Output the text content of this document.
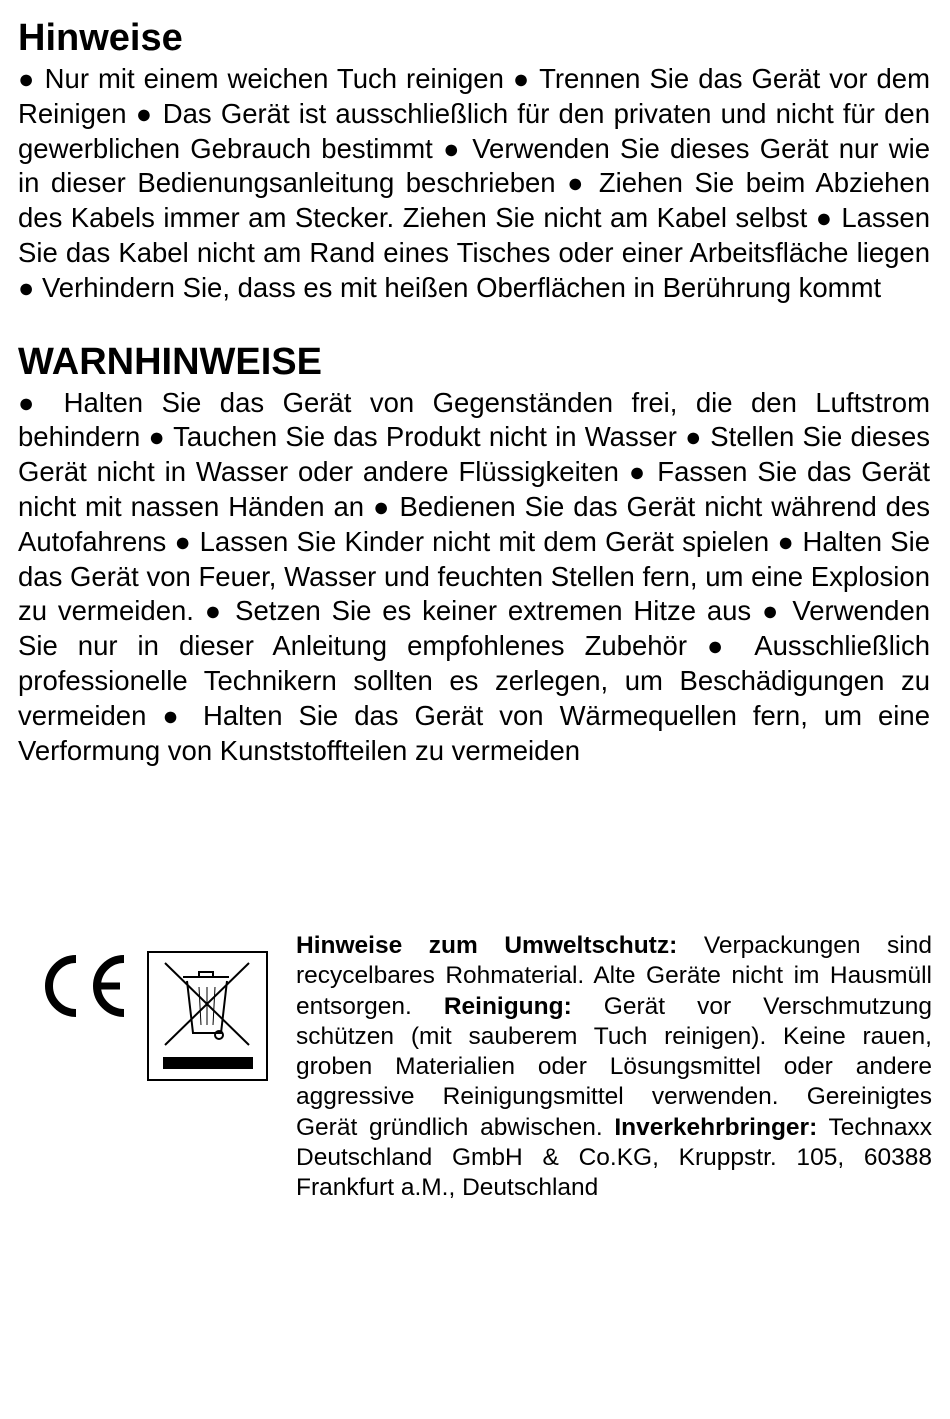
Hinweise

● Nur mit einem weichen Tuch reinigen ● Trennen Sie das Gerät vor dem Reinigen ● Das Gerät ist ausschließlich für den privaten und nicht für den gewerblichen Gebrauch bestimmt ● Verwenden Sie dieses Gerät nur wie in dieser Bedienungsanleitung beschrieben ● Ziehen Sie beim Abziehen des Kabels immer am Stecker. Ziehen Sie nicht am Kabel selbst ● Lassen Sie das Kabel nicht am Rand eines Tisches oder einer Arbeitsfläche liegen ● Verhindern Sie, dass es mit heißen Oberflächen in Berührung kommt

WARNHINWEISE

● Halten Sie das Gerät von Gegenständen frei, die den Luftstrom behindern ● Tauchen Sie das Produkt nicht in Wasser ● Stellen Sie dieses Gerät nicht in Wasser oder andere Flüssigkeiten ● Fassen Sie das Gerät nicht mit nassen Händen an ● Bedienen Sie das Gerät nicht während des Autofahrens ● Lassen Sie Kinder nicht mit dem Gerät spielen ● Halten Sie das Gerät von Feuer, Wasser und feuchten Stellen fern, um eine Explosion zu vermeiden. ● Setzen Sie es keiner extremen Hitze aus ● Verwenden Sie nur in dieser Anleitung empfohlenes Zubehör ● Ausschließlich professionelle Technikern sollten es zerlegen, um Beschädigungen zu vermeiden ● Halten Sie das Gerät von Wärmequellen fern, um eine Verformung von Kunststoffteilen zu vermeiden

Hinweise zum Umweltschutz: Verpackungen sind recycelbares Rohmaterial. Alte Geräte nicht im Hausmüll entsorgen. Reinigung: Gerät vor Verschmutzung schützen (mit sauberem Tuch reinigen). Keine rauen, groben Materialien oder Lösungsmittel oder andere aggressive Reinigungsmittel verwenden. Gereinigtes Gerät gründlich abwischen. Inverkehrbringer: Technaxx Deutschland GmbH & Co.KG, Kruppstr. 105, 60388 Frankfurt a.M., Deutschland
